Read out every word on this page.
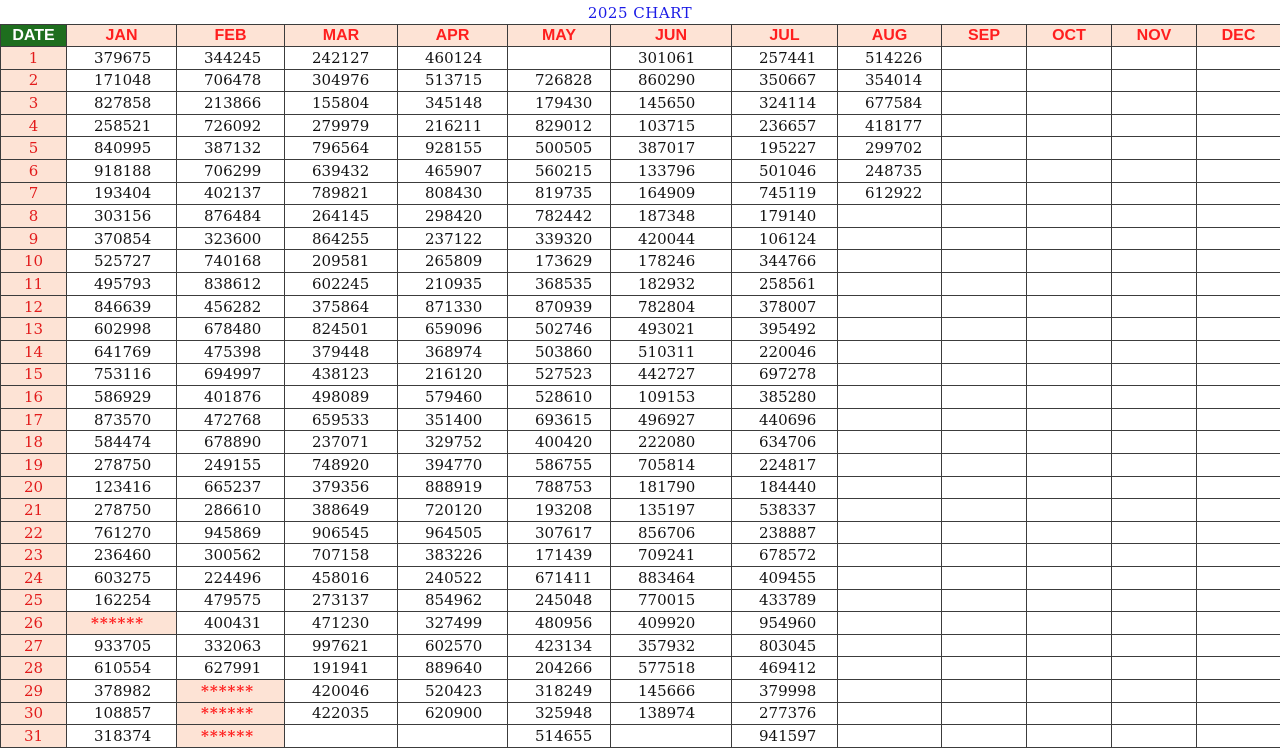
2025 CHART
DATE	JAN	FEB	MAR	APR	MAY	JUN	JUL	AUG	SEP	OCT	NOV	DEC
1	379675	344245	242127	460124		301061	257441	514226				
2	171048	706478	304976	513715	726828	860290	350667	354014				
3	827858	213866	155804	345148	179430	145650	324114	677584				
4	258521	726092	279979	216211	829012	103715	236657	418177				
5	840995	387132	796564	928155	500505	387017	195227	299702				
6	918188	706299	639432	465907	560215	133796	501046	248735				
7	193404	402137	789821	808430	819735	164909	745119	612922				
8	303156	876484	264145	298420	782442	187348	179140					
9	370854	323600	864255	237122	339320	420044	106124					
10	525727	740168	209581	265809	173629	178246	344766					
11	495793	838612	602245	210935	368535	182932	258561					
12	846639	456282	375864	871330	870939	782804	378007					
13	602998	678480	824501	659096	502746	493021	395492					
14	641769	475398	379448	368974	503860	510311	220046					
15	753116	694997	438123	216120	527523	442727	697278					
16	586929	401876	498089	579460	528610	109153	385280					
17	873570	472768	659533	351400	693615	496927	440696					
18	584474	678890	237071	329752	400420	222080	634706					
19	278750	249155	748920	394770	586755	705814	224817					
20	123416	665237	379356	888919	788753	181790	184440					
21	278750	286610	388649	720120	193208	135197	538337					
22	761270	945869	906545	964505	307617	856706	238887					
23	236460	300562	707158	383226	171439	709241	678572					
24	603275	224496	458016	240522	671411	883464	409455					
25	162254	479575	273137	854962	245048	770015	433789					
26	******	400431	471230	327499	480956	409920	954960					
27	933705	332063	997621	602570	423134	357932	803045					
28	610554	627991	191941	889640	204266	577518	469412					
29	378982	******	420046	520423	318249	145666	379998					
30	108857	******	422035	620900	325948	138974	277376					
31	318374	******			514655		941597					
